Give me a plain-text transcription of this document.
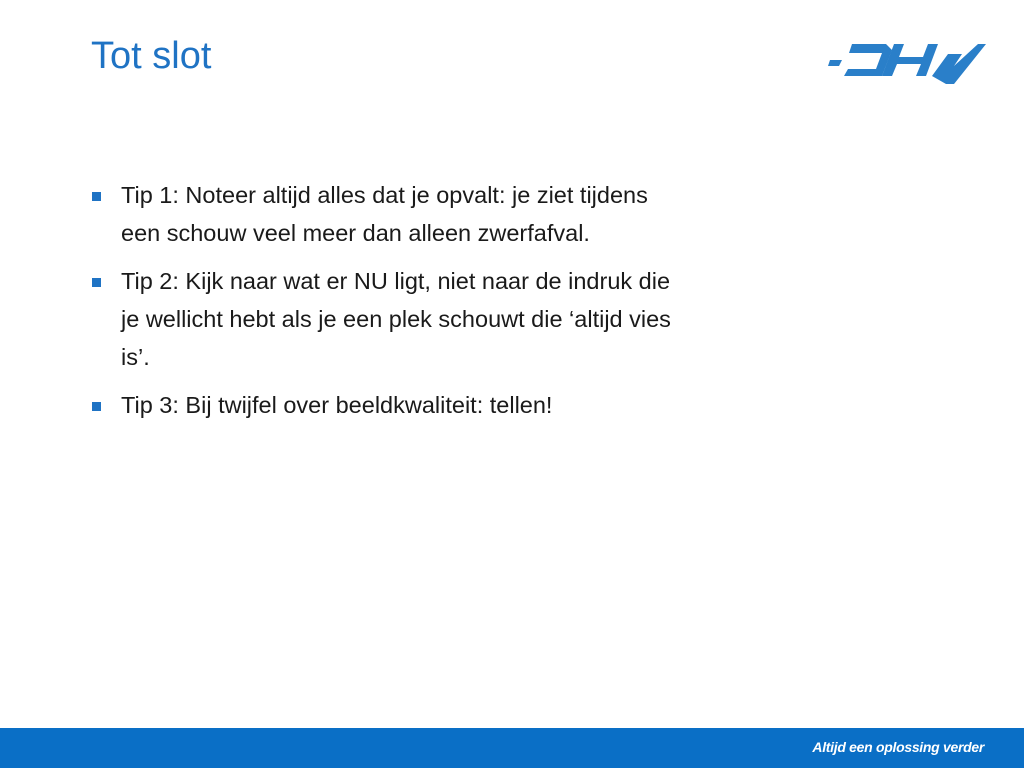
Tot slot
Tip 1: Noteer altijd alles dat je opvalt: je ziet tijdens een schouw veel meer dan alleen zwerfafval.
Tip 2: Kijk naar wat er NU ligt, niet naar de indruk die je wellicht hebt als je een plek schouwt die ‘altijd vies is’.
Tip 3: Bij twijfel over beeldkwaliteit: tellen!
Altijd een oplossing verder
